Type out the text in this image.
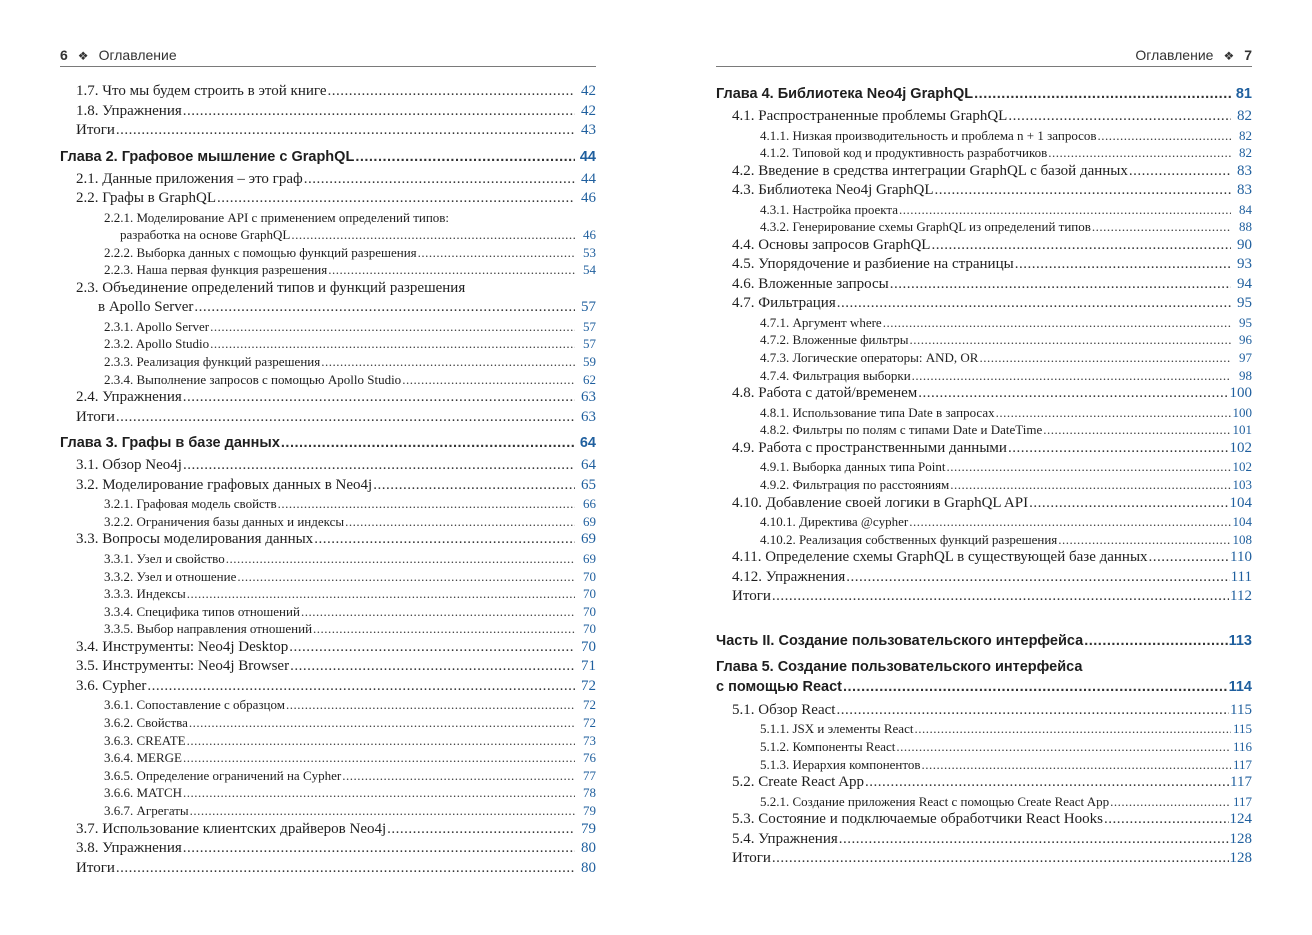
6 ❖ Оглавление
1.7. Что мы будем строить в этой книге .....	42
1.8. Упражнения .....	42
Итоги .....	43
Глава 2. Графовое мышление с GraphQL .....	44
2.1. Данные приложения – это граф .....	44
2.2. Графы в GraphQL .....	46
2.2.1. Моделирование API с применением определений типов:
разработка на основе GraphQL .....	46
2.2.2. Выборка данных с помощью функций разрешения .....	53
2.2.3. Наша первая функция разрешения .....	54
2.3. Объединение определений типов и функций разрешения
в Apollo Server .....	57
2.3.1. Apollo Server .....	57
2.3.2. Apollo Studio .....	57
2.3.3. Реализация функций разрешения .....	59
2.3.4. Выполнение запросов с помощью Apollo Studio .....	62
2.4. Упражнения .....	63
Итоги .....	63
Глава 3. Графы в базе данных .....	64
3.1. Обзор Neo4j .....	64
3.2. Моделирование графовых данных в Neo4j .....	65
3.2.1. Графовая модель свойств .....	66
3.2.2. Ограничения базы данных и индексы .....	69
3.3. Вопросы моделирования данных .....	69
3.3.1. Узел и свойство .....	69
3.3.2. Узел и отношение .....	70
3.3.3. Индексы .....	70
3.3.4. Специфика типов отношений .....	70
3.3.5. Выбор направления отношений .....	70
3.4. Инструменты: Neo4j Desktop .....	70
3.5. Инструменты: Neo4j Browser .....	71
3.6. Cypher .....	72
3.6.1. Сопоставление с образцом .....	72
3.6.2. Свойства .....	72
3.6.3. CREATE .....	73
3.6.4. MERGE .....	76
3.6.5. Определение ограничений на Cypher .....	77
3.6.6. MATCH .....	78
3.6.7. Агрегаты .....	79
3.7. Использование клиентских драйверов Neo4j .....	79
3.8. Упражнения .....	80
Итоги .....	80
Оглавление ❖ 7
Глава 4. Библиотека Neo4j GraphQL .....	81
4.1. Распространенные проблемы GraphQL .....	82
4.1.1. Низкая производительность и проблема n + 1 запросов .....	82
4.1.2. Типовой код и продуктивность разработчиков .....	82
4.2. Введение в средства интеграции GraphQL с базой данных .....	83
4.3. Библиотека Neo4j GraphQL .....	83
4.3.1. Настройка проекта .....	84
4.3.2. Генерирование схемы GraphQL из определений типов .....	88
4.4. Основы запросов GraphQL .....	90
4.5. Упорядочение и разбиение на страницы .....	93
4.6. Вложенные запросы .....	94
4.7. Фильтрация .....	95
4.7.1. Аргумент where .....	95
4.7.2. Вложенные фильтры .....	96
4.7.3. Логические операторы: AND, OR .....	97
4.7.4. Фильтрация выборки .....	98
4.8. Работа с датой/временем .....	100
4.8.1. Использование типа Date в запросах .....	100
4.8.2. Фильтры по полям с типами Date и DateTime .....	101
4.9. Работа с пространственными данными .....	102
4.9.1. Выборка данных типа Point .....	102
4.9.2. Фильтрация по расстояниям .....	103
4.10. Добавление своей логики в GraphQL API .....	104
4.10.1. Директива @cypher .....	104
4.10.2. Реализация собственных функций разрешения .....	108
4.11. Определение схемы GraphQL в существующей базе данных .....	110
4.12. Упражнения .....	111
Итоги .....	112
Часть II. Создание пользовательского интерфейса .....	113
Глава 5. Создание пользовательского интерфейса
с помощью React .....	114
5.1. Обзор React .....	115
5.1.1. JSX и элементы React .....	115
5.1.2. Компоненты React .....	116
5.1.3. Иерархия компонентов .....	117
5.2. Create React App .....	117
5.2.1. Создание приложения React с помощью Create React App .....	117
5.3. Состояние и подключаемые обработчики React Hooks .....	124
5.4. Упражнения .....	128
Итоги .....	128
